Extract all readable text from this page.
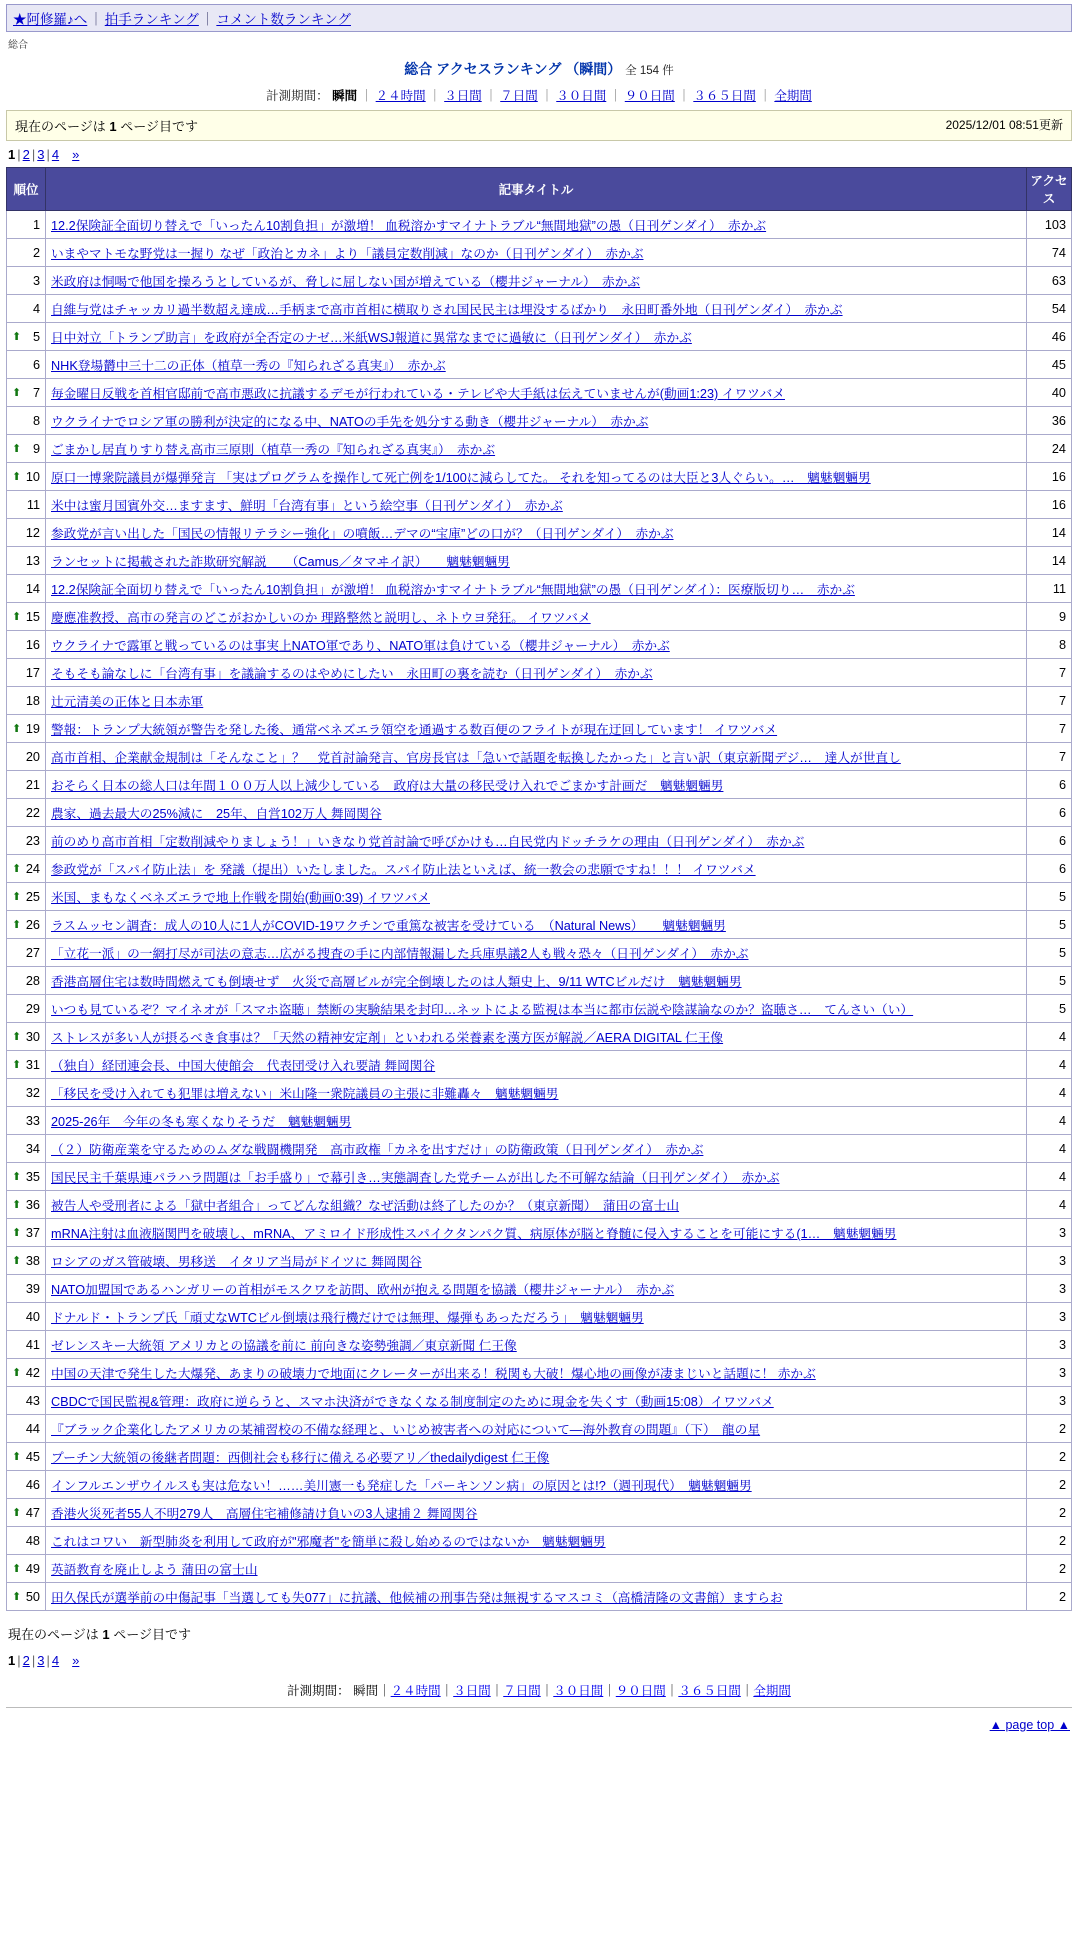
★阿修羅♪へ ｜ 拍手ランキング ｜ コメント数ランキング
総合
総合 アクセスランキング （瞬間） 全 154 件
計測期間： 瞬間 ｜ ２４時間 ｜ ３日間 ｜ ７日間 ｜ ３０日間 ｜ ９０日間 ｜ ３６５日間 ｜ 全期間
現在のページは 1 ページ目です	2025/12/01 08:51更新
1 | 2 | 3 | 4　 »
順位	記事タイトル	アクセス
1	12.2保険証全面切り替えで「いったん10割負担」が激増！ 血税溶かすマイナトラブル“無間地獄”の愚（日刊ゲンダイ）　赤かぶ	103
2	いまやマトモな野党は一握り なぜ「政治とカネ」より「議員定数削減」なのか（日刊ゲンダイ）　赤かぶ	74
3	米政府は恫喝で他国を操ろうとしているが、脅しに屈しない国が増えている（櫻井ジャーナル）　赤かぶ	63
4	自維与党はチャッカリ過半数超え達成…手柄まで高市首相に横取りされ国民民主は埋没するばかり　永田町番外地（日刊ゲンダイ）　赤かぶ	54

⬆ 5	日中対立「トランプ助言」を政府が全否定のナゼ…米紙WSJ報道に異常なまでに過敏に（日刊ゲンダイ）　赤かぶ	46
6	NHK登場欝中三十二の正体（植草一秀の『知られざる真実』）　赤かぶ	45

⬆ 7	毎金曜日反戦を首相官邸前で高市悪政に抗議するデモが行われている・テレビや大手紙は伝えていませんが(動画1:23) イワツバメ	40
8	ウクライナでロシア軍の勝利が決定的になる中、NATOの手先を処分する動き（櫻井ジャーナル）　赤かぶ	36

⬆ 9	ごまかし居直りすり替え高市三原則（植草一秀の『知られざる真実』）　赤かぶ	24

⬆ 10	原口一博衆院議員が爆弾発言 「実はプログラムを操作して死亡例を1/100に減らしてた。 それを知ってるのは大臣と3人ぐらい。…　魑魅魍魎男	16
11	米中は蜜月国賓外交…ますます、鮮明「台湾有事」という絵空事（日刊ゲンダイ）　赤かぶ	16
12	参政党が言い出した「国民の情報リテラシー強化」の噴飯…デマの“宝庫”どの口が？（日刊ゲンダイ）　赤かぶ	14
13	ランセットに掲載された詐欺研究解説　　（Camus／タマヰイ訳）　　魑魅魍魎男	14
14	12.2保険証全面切り替えで「いったん10割負担」が激増！ 血税溶かすマイナトラブル“無間地獄”の愚（日刊ゲンダイ）：医療版切り…　赤かぶ	11

⬆ 15	慶應准教授、高市の発言のどこがおかしいのか 理路整然と説明し、ネトウヨ発狂。 イワツバメ	9
16	ウクライナで露軍と戦っているのは事実上NATO軍であり、NATO軍は負けている（櫻井ジャーナル）　赤かぶ	8
17	そもそも論なしに「台湾有事」を議論するのはやめにしたい　永田町の裏を読む（日刊ゲンダイ）　赤かぶ	7
18	辻元清美の正体と日本赤軍	7

⬆ 19	警報：トランプ大統領が警告を発した後、通常ベネズエラ領空を通過する数百便のフライトが現在迂回しています！ イワツバメ	7
20	高市首相、企業献金規制は「そんなこと」？　党首討論発言、官房長官は「急いで話題を転換したかった」と言い訳（東京新聞デジ…　達人が世直し	7
21	おそらく日本の総人口は年間１００万人以上減少している　政府は大量の移民受け入れでごまかす計画だ　魑魅魍魎男	6
22	農家、過去最大の25%減に　25年、自営102万人 舞岡関谷	6
23	前のめり高市首相「定数削減やりましょう！」いきなり党首討論で呼びかけも…自民党内ドッチラケの理由（日刊ゲンダイ）　赤かぶ	6

⬆ 24	参政党が「スパイ防止法」を 発議（提出）いたしました。スパイ防止法といえば、統一教会の悲願ですね！！！ イワツバメ	6

⬆ 25	米国、まもなくベネズエラで地上作戦を開始(動画0:39) イワツバメ	5

⬆ 26	ラスムッセン調査：成人の10人に1人がCOVID-19ワクチンで重篤な被害を受けている　（Natural News）　　魑魅魍魎男	5
27	「立花一派」の一網打尽が司法の意志…広がる捜査の手に内部情報漏した兵庫県議2人も戦々恐々（日刊ゲンダイ）　赤かぶ	5
28	香港高層住宅は数時間燃えても倒壊せず　火災で高層ビルが完全倒壊したのは人類史上、9/11 WTCビルだけ　魑魅魍魎男	5
29	いつも見ているぞ？マイネオが「スマホ盗聴」禁断の実験結果を封印…ネットによる監視は本当に都市伝説や陰謀論なのか？盗聴さ…　てんさい（い）	5

⬆ 30	ストレスが多い人が摂るべき食事は？「天然の精神安定剤」といわれる栄養素を漢方医が解説／AERA DIGITAL 仁王像	4

⬆ 31	（独自）経団連会長、中国大使館会　代表団受け入れ要請 舞岡関谷	4
32	「移民を受け入れても犯罪は増えない」米山隆一衆院議員の主張に非難轟々　魑魅魍魎男	4
33	2025-26年　今年の冬も寒くなりそうだ　魑魅魍魎男	4
34	（２）防衛産業を守るためのムダな戦闘機開発　高市政権「カネを出すだけ」の防衛政策（日刊ゲンダイ）　赤かぶ	4

⬆ 35	国民民主千葉県連パラハラ問題は「お手盛り」で幕引き…実態調査した党チームが出した不可解な結論（日刊ゲンダイ）　赤かぶ	4

⬆ 36	被告人や受刑者による「獄中者組合」ってどんな組織？なぜ活動は終了したのか？（東京新聞）　蒲田の富士山	4

⬆ 37	mRNA注射は血液脳関門を破壊し、mRNA、アミロイド形成性スパイクタンパク質、病原体が脳と脊髄に侵入することを可能にする(1…　魑魅魍魎男	3

⬆ 38	ロシアのガス管破壊、男移送　イタリア当局がドイツに 舞岡関谷	3
39	NATO加盟国であるハンガリーの首相がモスクワを訪問、欧州が抱える問題を協議（櫻井ジャーナル）　赤かぶ	3
40	ドナルド・トランプ氏「頑丈なWTCビル倒壊は飛行機だけでは無理、爆弾もあっただろう」　魑魅魍魎男	3
41	ゼレンスキー大統領 アメリカとの協議を前に 前向きな姿勢強調／東京新聞 仁王像	3

⬆ 42	中国の天津で発生した大爆発、あまりの破壊力で地面にクレーターが出来る！税関も大破！爆心地の画像が凄まじいと話題に！ 赤かぶ	3
43	CBDCで国民監視&管理：政府に逆らうと、スマホ決済ができなくなる制度制定のために現金を失くす（動画15:08）イワツバメ	3
44	『ブラック企業化したアメリカの某補習校の不備な経理と、いじめ被害者への対応について—海外教育の問題』（下）　龍の星	2

⬆ 45	プーチン大統領の後継者問題：西側社会も移行に備える必要アリ／thedailydigest 仁王像	2
46	インフルエンザウイルスも実は危ない！……美川憲一も発症した「パーキンソン病」の原因とは!?（週刊現代）　魑魅魍魎男	2

⬆ 47	香港火災死者55人不明279人　高層住宅補修請け負いの3人逮捕２ 舞岡関谷	2
48	これはコワい　新型肺炎を利用して政府が"邪魔者"を簡単に殺し始めるのではないか　魑魅魍魎男	2

⬆ 49	英語教育を廃止しよう 蒲田の富士山	2

⬆ 50	田久保氏が選挙前の中傷記事「当選しても失077」に抗議、他候補の刑事告発は無視するマスコミ（高橋清隆の文書館）ますらお	2
現在のページは 1 ページ目です
1 | 2 | 3 | 4　 »
計測期間： 瞬間｜２４時間｜３日間｜７日間｜３０日間｜９０日間｜３６５日間｜全期間
▲ page top ▲
